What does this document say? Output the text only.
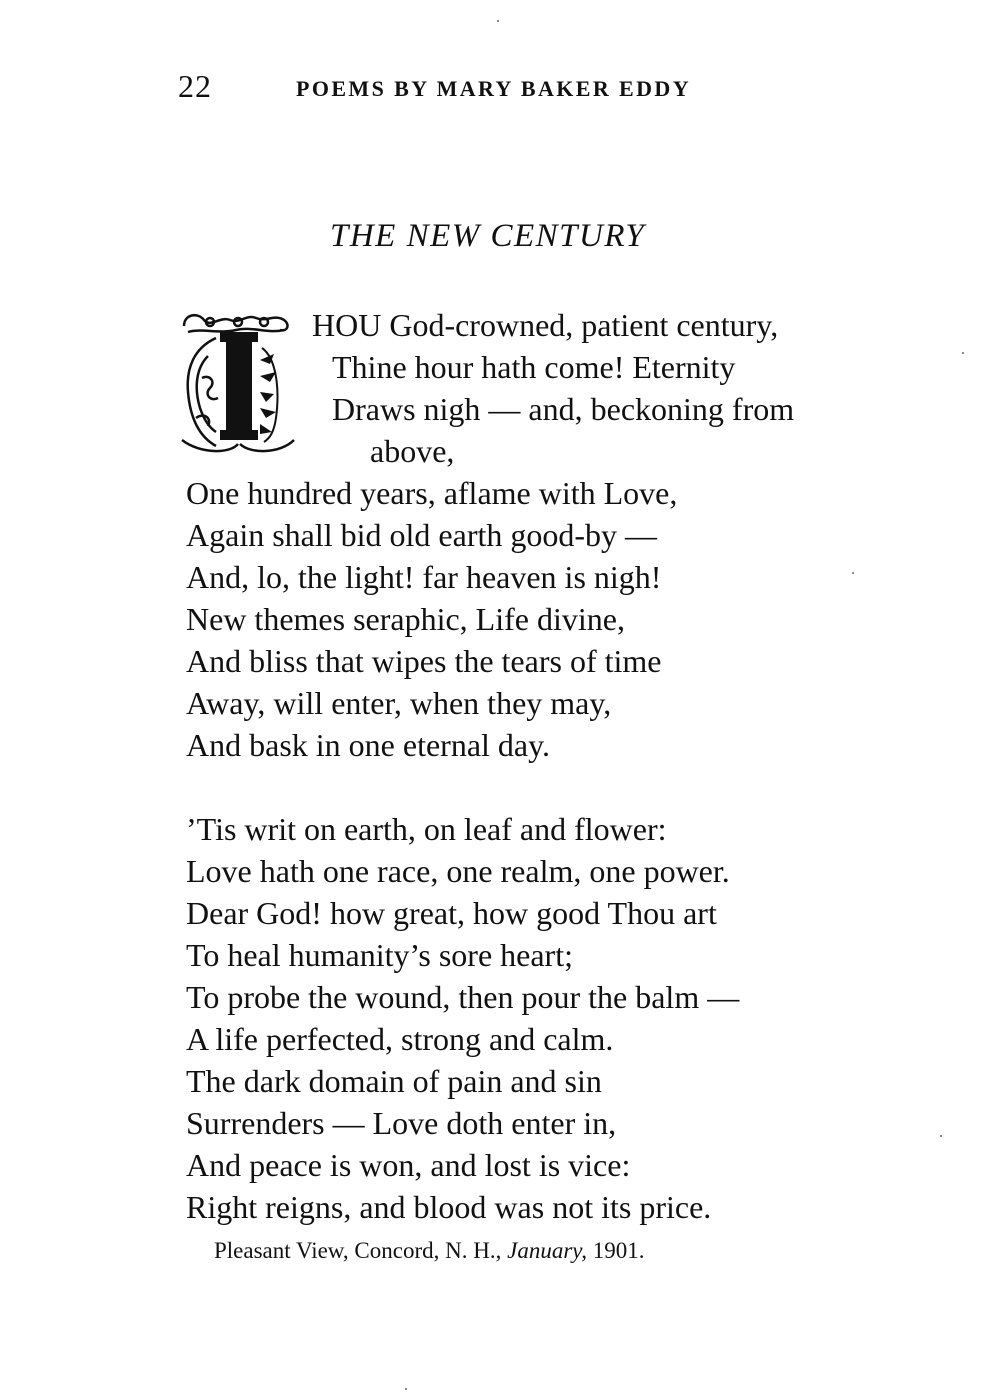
22	POEMS BY MARY BAKER EDDY
THE NEW CENTURY
HOU God-crowned, patient century,
Thine hour hath come! Eternity
Draws nigh — and, beckoning from
above,
One hundred years, aflame with Love,
Again shall bid old earth good-by —
And, lo, the light! far heaven is nigh!
New themes seraphic, Life divine,
And bliss that wipes the tears of time
Away, will enter, when they may,
And bask in one eternal day.
’Tis writ on earth, on leaf and flower:
Love hath one race, one realm, one power.
Dear God! how great, how good Thou art
To heal humanity’s sore heart;
To probe the wound, then pour the balm —
A life perfected, strong and calm.
The dark domain of pain and sin
Surrenders — Love doth enter in,
And peace is won, and lost is vice:
Right reigns, and blood was not its price.
Pleasant View, Concord, N. H., January, 1901.
